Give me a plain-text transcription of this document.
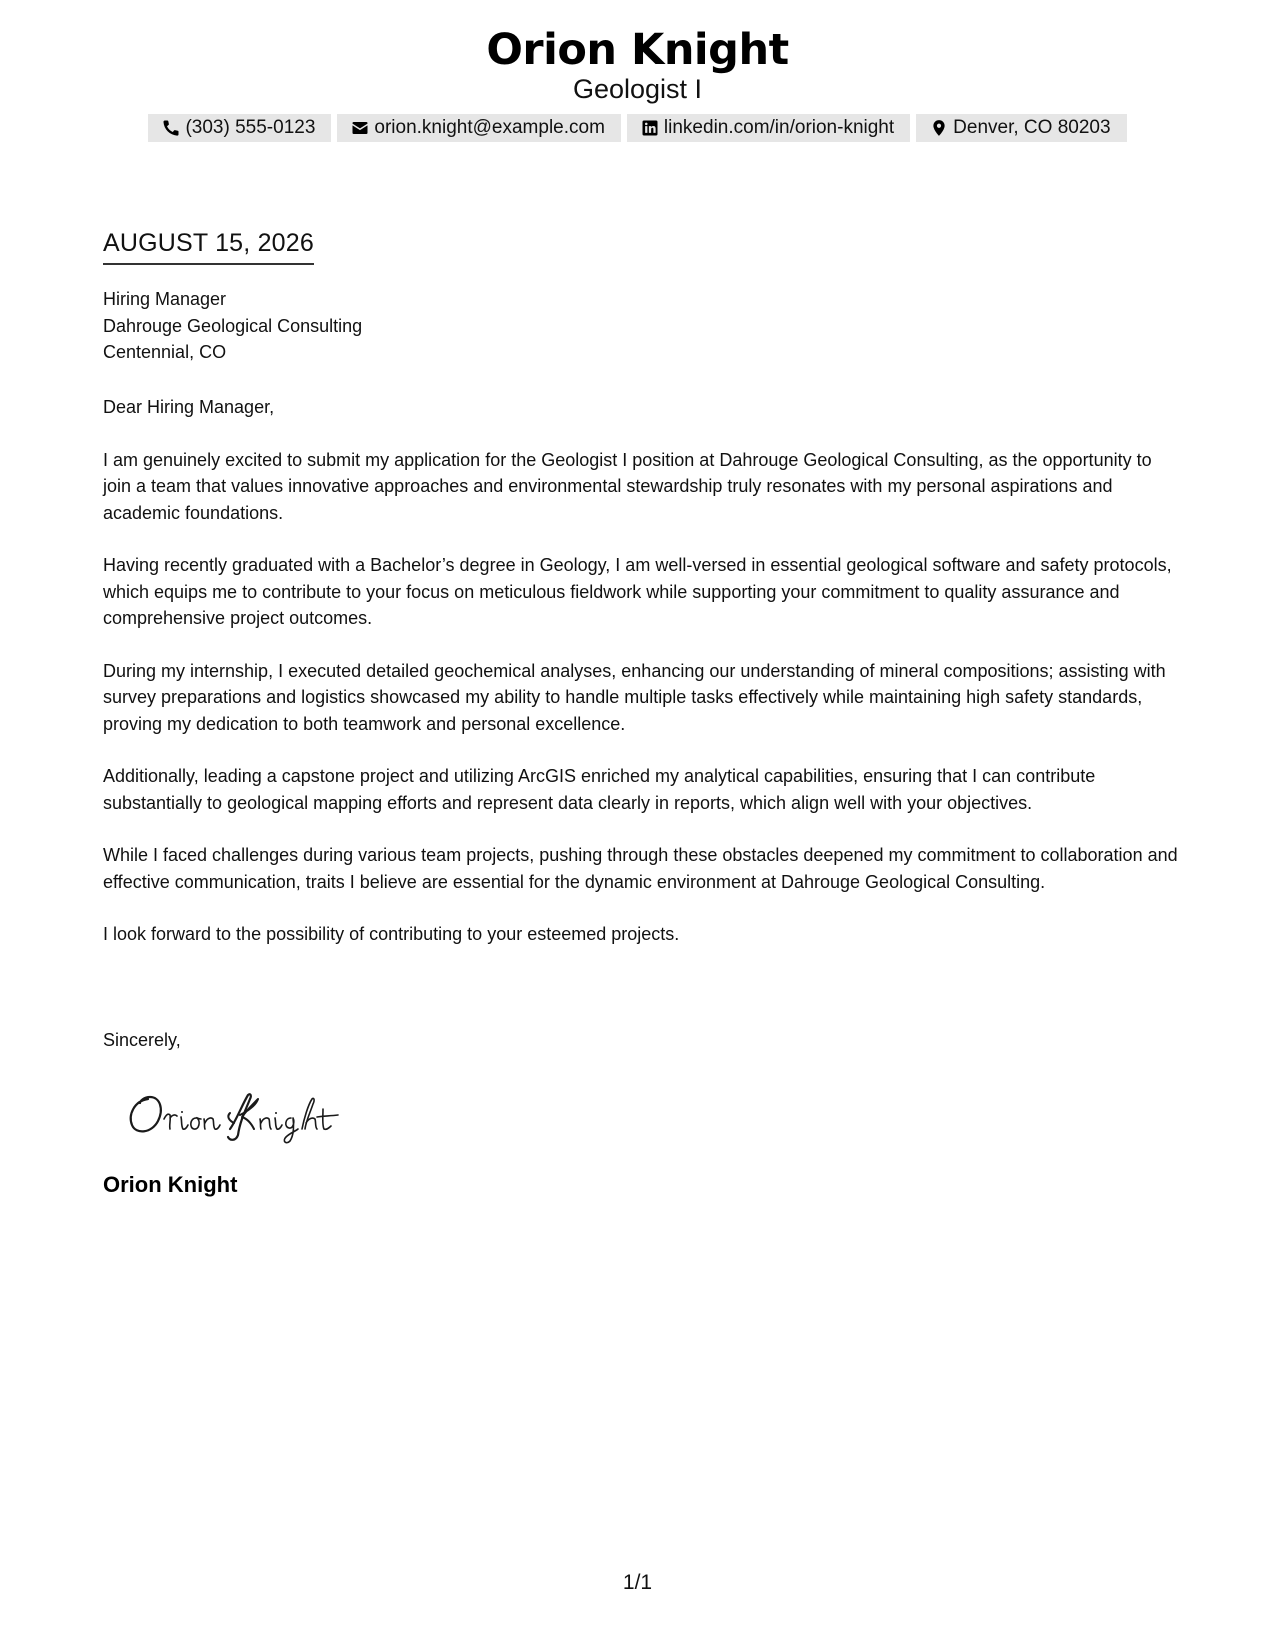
Orion Knight
Geologist I
(303) 555-0123	orion.knight@example.com	linkedin.com/in/orion-knight	Denver, CO 80203
AUGUST 15, 2026
Hiring Manager
Dahrouge Geological Consulting
Centennial, CO

Dear Hiring Manager,

I am genuinely excited to submit my application for the Geologist I position at Dahrouge Geological Consulting, as the opportunity to join a team that values innovative approaches and environmental stewardship truly resonates with my personal aspirations and academic foundations.

Having recently graduated with a Bachelor’s degree in Geology, I am well-versed in essential geological software and safety protocols, which equips me to contribute to your focus on meticulous fieldwork while supporting your commitment to quality assurance and comprehensive project outcomes.

During my internship, I executed detailed geochemical analyses, enhancing our understanding of mineral compositions; assisting with survey preparations and logistics showcased my ability to handle multiple tasks effectively while maintaining high safety standards, proving my dedication to both teamwork and personal excellence.

Additionally, leading a capstone project and utilizing ArcGIS enriched my analytical capabilities, ensuring that I can contribute substantially to geological mapping efforts and represent data clearly in reports, which align well with your objectives.

While I faced challenges during various team projects, pushing through these obstacles deepened my commitment to collaboration and effective communication, traits I believe are essential for the dynamic environment at Dahrouge Geological Consulting.

I look forward to the possibility of contributing to your esteemed projects.

Sincerely,
Orion Knight
1/1
